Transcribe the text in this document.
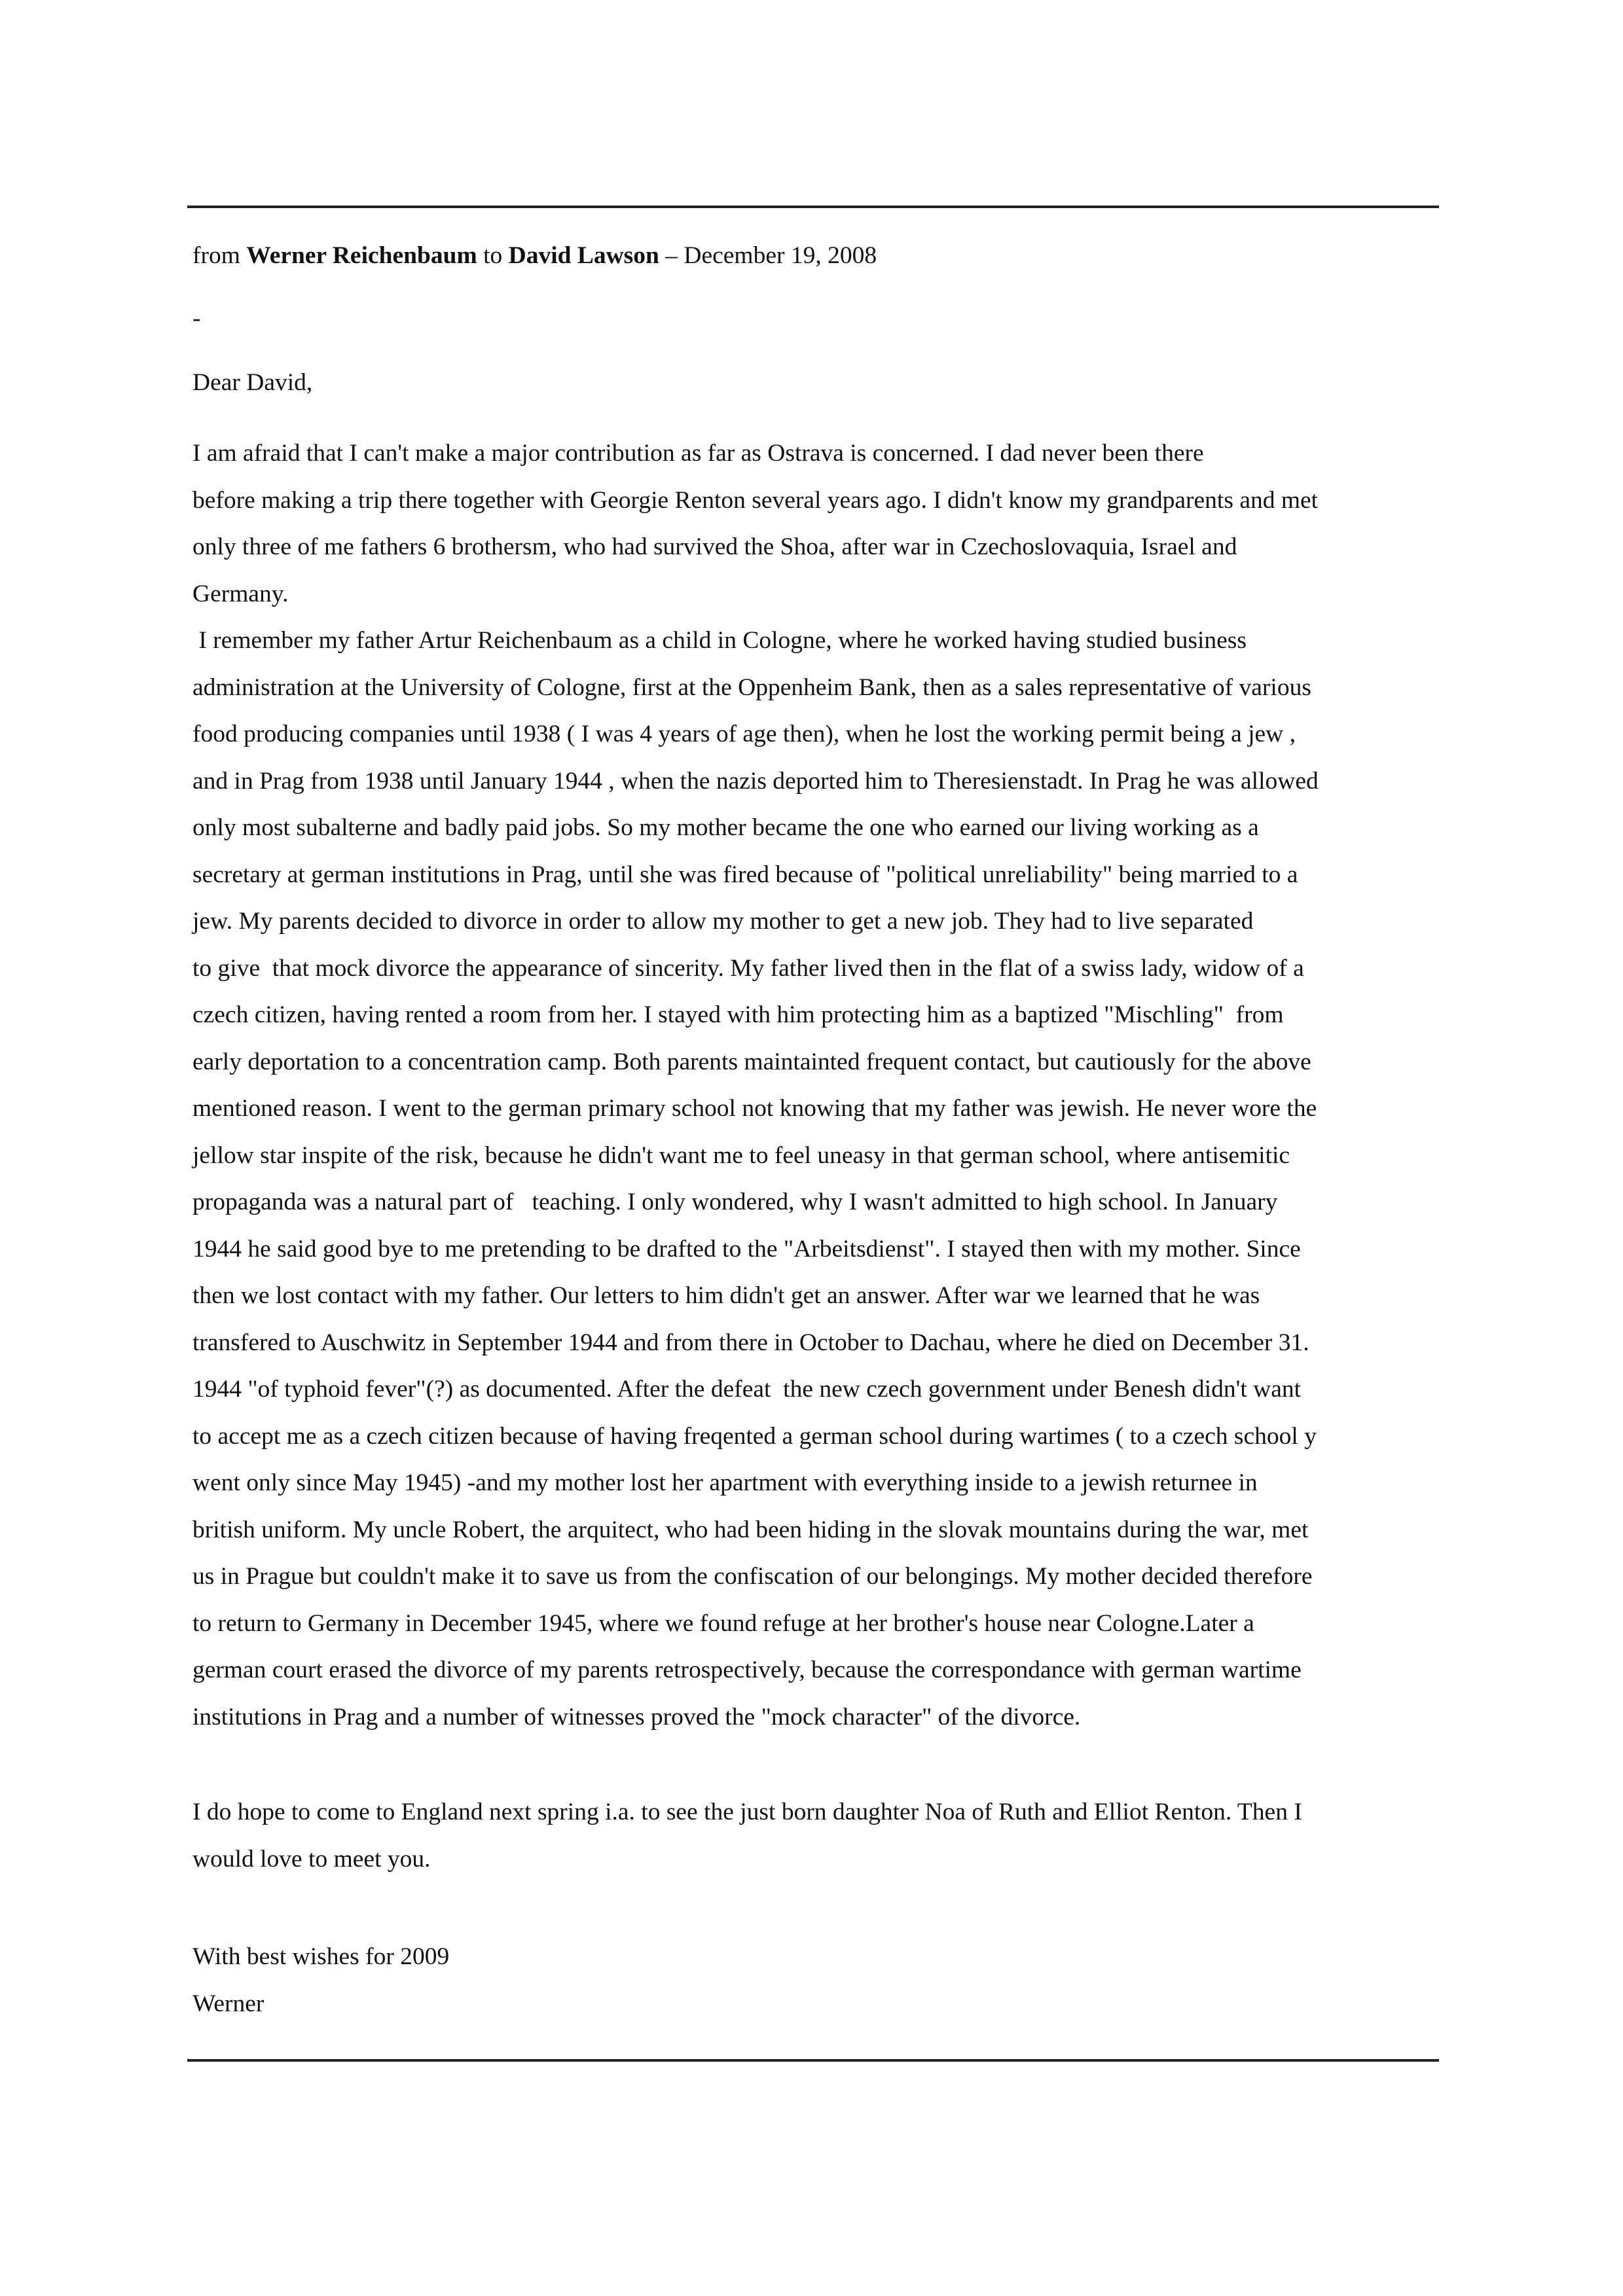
from Werner Reichenbaum to David Lawson – December 19, 2008
-
Dear David,
I am afraid that I can't make a major contribution as far as Ostrava is concerned. I dad never been there
before making a trip there together with Georgie Renton several years ago. I didn't know my grandparents and met
only three of me fathers 6 brothersm, who had survived the Shoa, after war in Czechoslovaquia, Israel and
Germany.
I remember my father Artur Reichenbaum as a child in Cologne, where he worked having studied business
administration at the University of Cologne, first at the Oppenheim Bank, then as a sales representative of various
food producing companies until 1938 ( I was 4 years of age then), when he lost the working permit being a jew ,
and in Prag from 1938 until January 1944 , when the nazis deported him to Theresienstadt. In Prag he was allowed
only most subalterne and badly paid jobs. So my mother became the one who earned our living working as a
secretary at german institutions in Prag, until she was fired because of "political unreliability" being married to a
jew. My parents decided to divorce in order to allow my mother to get a new job. They had to live separated
to give  that mock divorce the appearance of sincerity. My father lived then in the flat of a swiss lady, widow of a
czech citizen, having rented a room from her. I stayed with him protecting him as a baptized "Mischling"  from
early deportation to a concentration camp. Both parents maintainted frequent contact, but cautiously for the above
mentioned reason. I went to the german primary school not knowing that my father was jewish. He never wore the
jellow star inspite of the risk, because he didn't want me to feel uneasy in that german school, where antisemitic
propaganda was a natural part of   teaching. I only wondered, why I wasn't admitted to high school. In January
1944 he said good bye to me pretending to be drafted to the "Arbeitsdienst". I stayed then with my mother. Since
then we lost contact with my father. Our letters to him didn't get an answer. After war we learned that he was
transfered to Auschwitz in September 1944 and from there in October to Dachau, where he died on December 31.
1944 "of typhoid fever"(?) as documented. After the defeat  the new czech government under Benesh didn't want
to accept me as a czech citizen because of having freqented a german school during wartimes ( to a czech school y
went only since May 1945) -and my mother lost her apartment with everything inside to a jewish returnee in
british uniform. My uncle Robert, the arquitect, who had been hiding in the slovak mountains during the war, met
us in Prague but couldn't make it to save us from the confiscation of our belongings. My mother decided therefore
to return to Germany in December 1945, where we found refuge at her brother's house near Cologne.Later a
german court erased the divorce of my parents retrospectively, because the correspondance with german wartime
institutions in Prag and a number of witnesses proved the "mock character" of the divorce.
I do hope to come to England next spring i.a. to see the just born daughter Noa of Ruth and Elliot Renton. Then I
would love to meet you.
With best wishes for 2009
Werner
